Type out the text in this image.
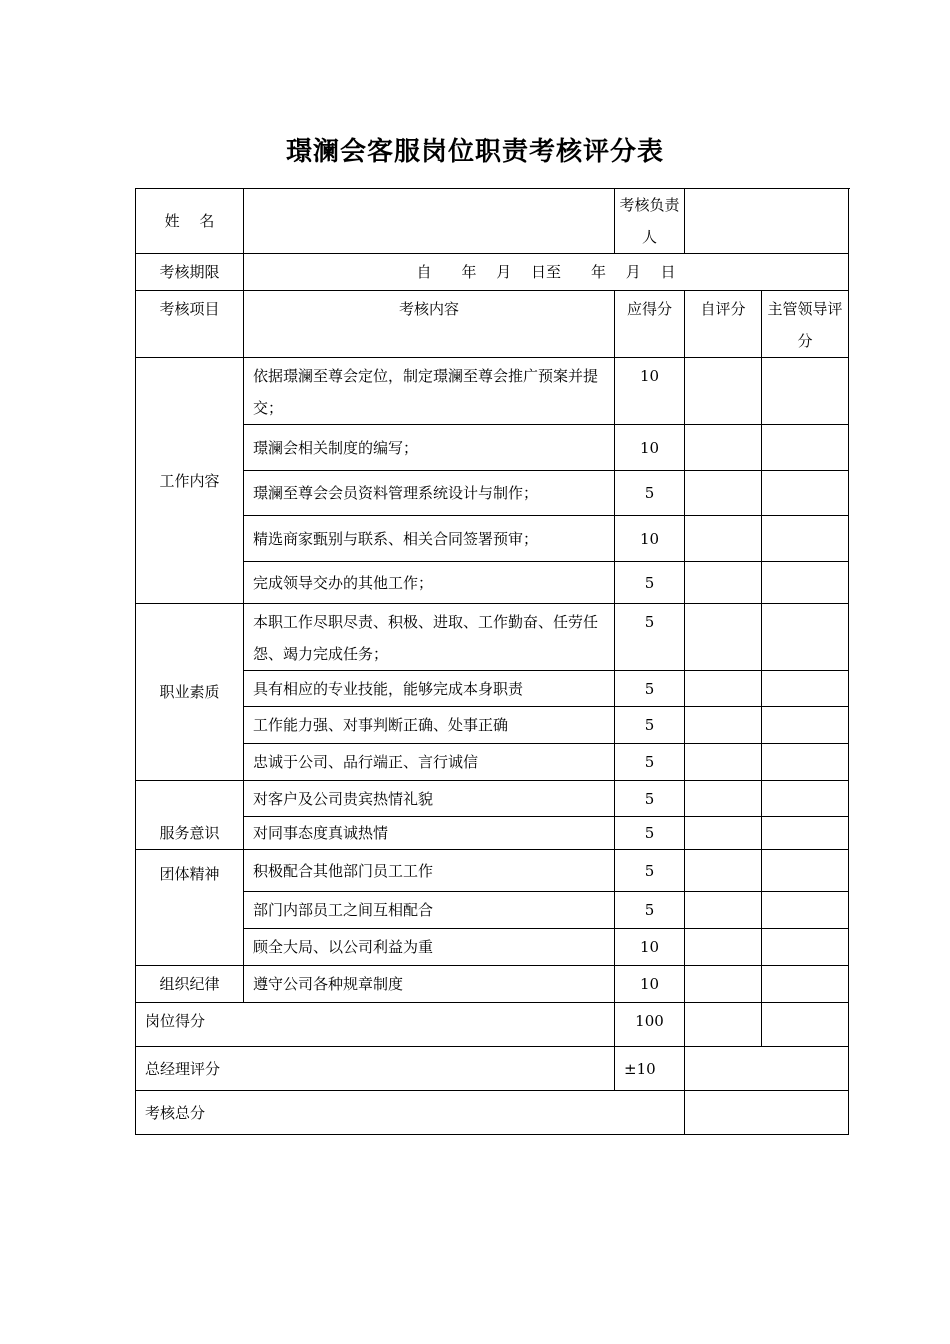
璟澜会客服岗位职责考核评分表
姓　 名		考核负责人		
考核期限	自　　年　 月　 日至　　年　 月　 日			
考核项目	考核内容	应得分	自评分	主管领导评分
工作内容	依据璟澜至尊会定位，制定璟澜至尊会推广预案并提交；	10		
	璟澜会相关制度的编写；	10		
	璟澜至尊会会员资料管理系统设计与制作；	5		
	精选商家甄别与联系、相关合同签署预审；	10		
	完成领导交办的其他工作；	5		
职业素质	本职工作尽职尽责、积极、进取、工作勤奋、任劳任怨、竭力完成任务；	5		
	具有相应的专业技能，能够完成本身职责	5		
	工作能力强、对事判断正确、处事正确	5		
	忠诚于公司、品行端正、言行诚信	5		
服务意识	对客户及公司贵宾热情礼貌	5		
	对同事态度真诚热情	5		
团体精神	积极配合其他部门员工工作	5		
	部门内部员工之间互相配合	5		
	顾全大局、以公司利益为重	10		
组织纪律	遵守公司各种规章制度	10		
岗位得分		100		
总经理评分		±10		
考核总分				
